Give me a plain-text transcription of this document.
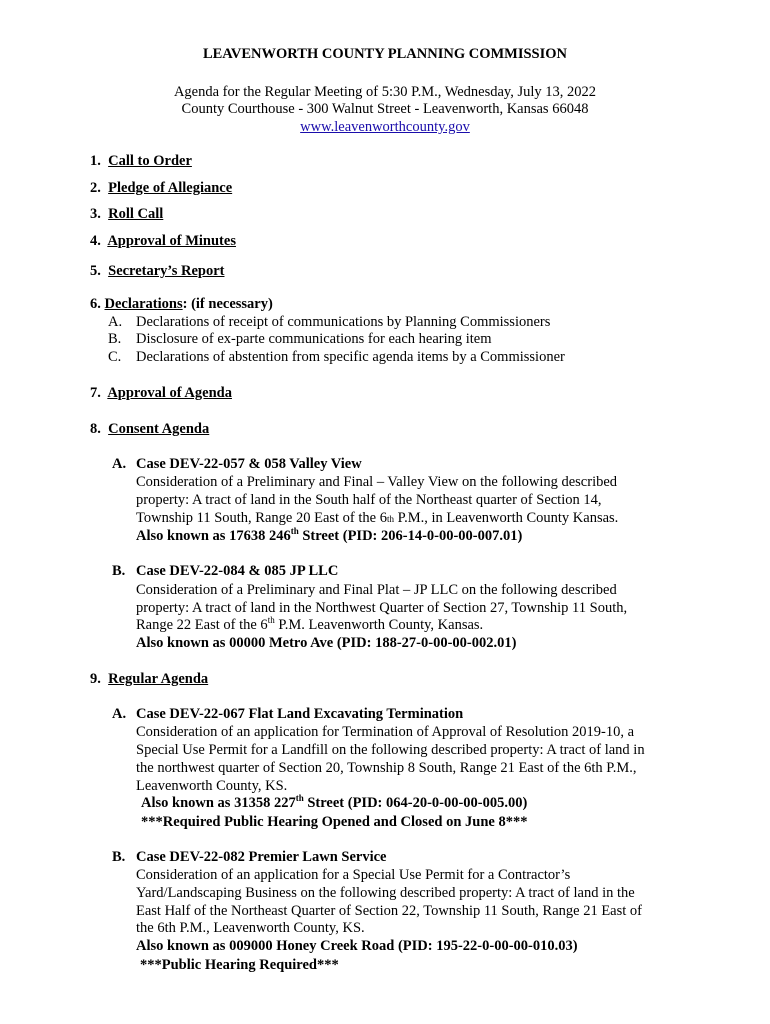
LEAVENWORTH COUNTY PLANNING COMMISSION
Agenda for the Regular Meeting of 5:30 P.M., Wednesday, July 13, 2022
County Courthouse - 300 Walnut Street - Leavenworth, Kansas 66048
www.leavenworthcounty.gov
1. Call to Order
2. Pledge of Allegiance
3. Roll Call
4. Approval of Minutes
5. Secretary’s Report
6. Declarations: (if necessary)
A. Declarations of receipt of communications by Planning Commissioners
B. Disclosure of ex-parte communications for each hearing item
C. Declarations of abstention from specific agenda items by a Commissioner
7. Approval of Agenda
8. Consent Agenda
A. Case DEV-22-057 & 058 Valley View
Consideration of a Preliminary and Final – Valley View on the following described
property: A tract of land in the South half of the Northeast quarter of Section 14,
Township 11 South, Range 20 East of the 6th P.M., in Leavenworth County Kansas.
Also known as 17638 246th Street (PID: 206-14-0-00-00-007.01)
B. Case DEV-22-084 & 085 JP LLC
Consideration of a Preliminary and Final Plat – JP LLC on the following described
property: A tract of land in the Northwest Quarter of Section 27, Township 11 South,
Range 22 East of the 6th P.M. Leavenworth County, Kansas.
Also known as 00000 Metro Ave (PID: 188-27-0-00-00-002.01)
9. Regular Agenda
A. Case DEV-22-067 Flat Land Excavating Termination
Consideration of an application for Termination of Approval of Resolution 2019-10, a
Special Use Permit for a Landfill on the following described property: A tract of land in
the northwest quarter of Section 20, Township 8 South, Range 21 East of the 6th P.M.,
Leavenworth County, KS.
Also known as 31358 227th Street (PID: 064-20-0-00-00-005.00)
***Required Public Hearing Opened and Closed on June 8***
B. Case DEV-22-082 Premier Lawn Service
Consideration of an application for a Special Use Permit for a Contractor’s
Yard/Landscaping Business on the following described property: A tract of land in the
East Half of the Northeast Quarter of Section 22, Township 11 South, Range 21 East of
the 6th P.M., Leavenworth County, KS.
Also known as 009000 Honey Creek Road (PID: 195-22-0-00-00-010.03)
***Public Hearing Required***
